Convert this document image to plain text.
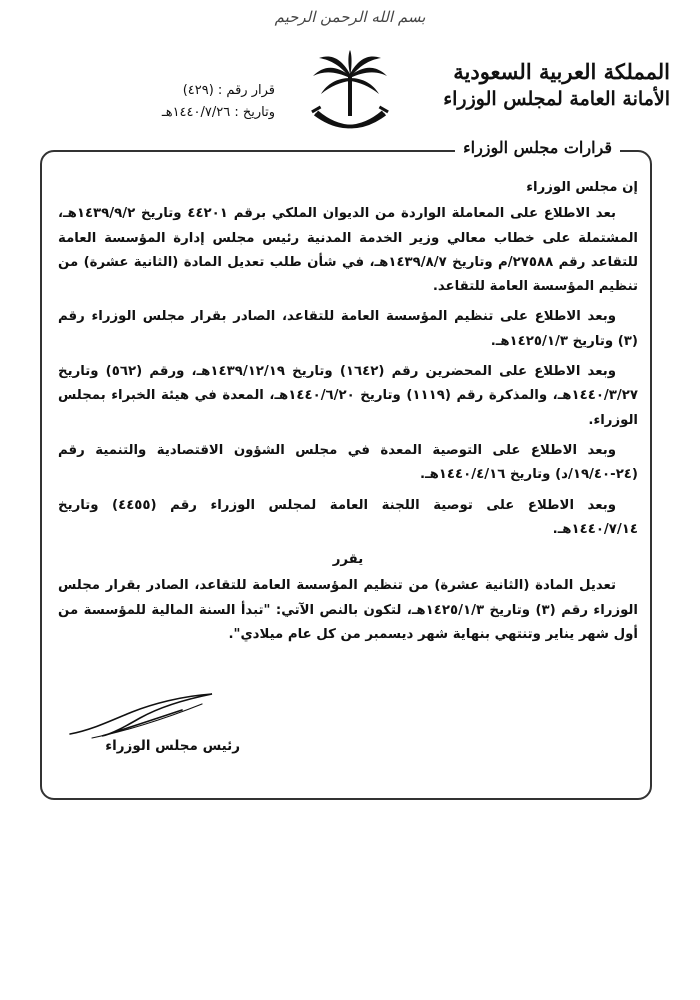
بسم الله الرحمن الرحيم
المملكة العربية السعودية
الأمانة العامة لمجلس الوزراء
قرار رقم : (٤٢٩)
وتاريخ : ١٤٤٠/٧/٢٦هـ
قرارات مجلس الوزراء

إن مجلس الوزراء

بعد الاطلاع على المعاملة الواردة من الديوان الملكي برقم ٤٤٢٠١ وتاريخ ١٤٣٩/٩/٢هـ، المشتملة على خطاب معالي وزير الخدمة المدنية رئيس مجلس إدارة المؤسسة العامة للتقاعد رقم ٢٧٥٨٨/م وتاريخ ١٤٣٩/٨/٧هـ، في شأن طلب تعديل المادة (الثانية عشرة) من تنظيم المؤسسة العامة للتقاعد.

وبعد الاطلاع على تنظيم المؤسسة العامة للتقاعد، الصادر بقرار مجلس الوزراء رقم (٣) وتاريخ ١٤٢٥/١/٣هـ.

وبعد الاطلاع على المحضرين رقم (١٦٤٢) وتاريخ ١٤٣٩/١٢/١٩هـ، ورقم (٥٦٢) وتاريخ ١٤٤٠/٣/٢٧هـ، والمذكرة رقم (١١١٩) وتاريخ ١٤٤٠/٦/٢٠هـ، المعدة في هيئة الخبراء بمجلس الوزراء.

وبعد الاطلاع على التوصية المعدة في مجلس الشؤون الاقتصادية والتنمية رقم (٢٤-١٩/٤٠/د) وتاريخ ١٤٤٠/٤/١٦هـ.

وبعد الاطلاع على توصية اللجنة العامة لمجلس الوزراء رقم (٤٤٥٥) وتاريخ ١٤٤٠/٧/١٤هـ.

يقرر

تعديل المادة (الثانية عشرة) من تنظيم المؤسسة العامة للتقاعد، الصادر بقرار مجلس الوزراء رقم (٣) وتاريخ ١٤٢٥/١/٣هـ، لتكون بالنص الآتي: "تبدأ السنة المالية للمؤسسة من أول شهر يناير وتنتهي بنهاية شهر ديسمبر من كل عام ميلادي".

رئيس مجلس الوزراء
